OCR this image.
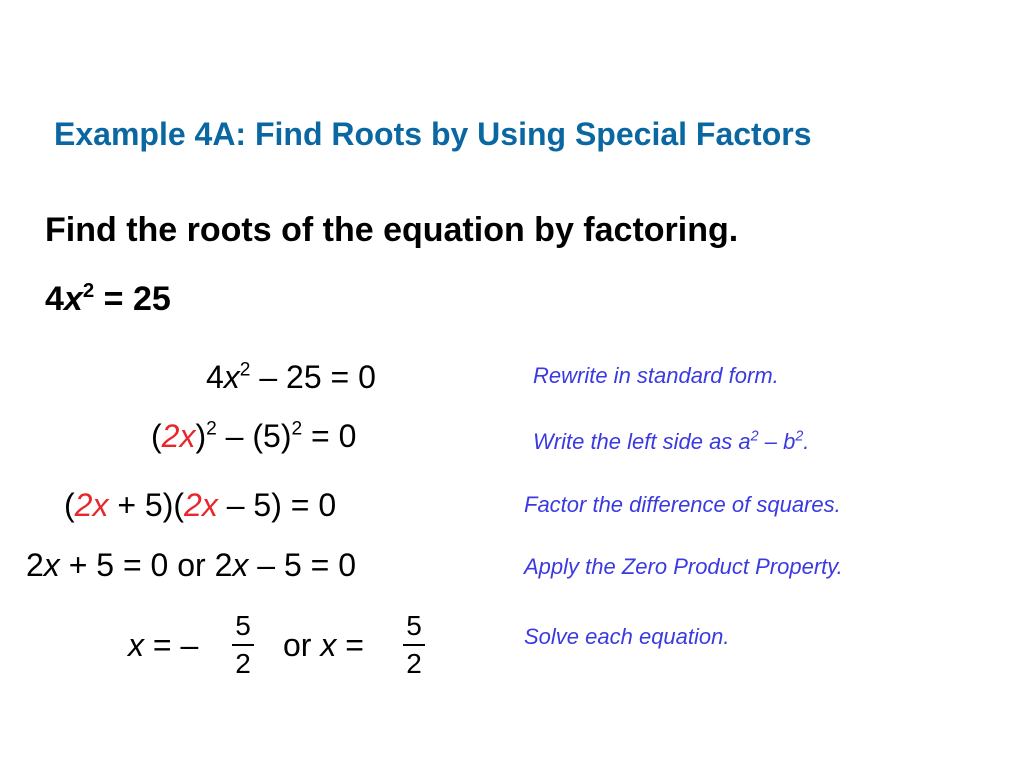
Example 4A: Find Roots by Using Special Factors
Find the roots of the equation by factoring.
$4x^2 = 25$
$4x^2 - 25 = 0$
$(2x)^2 - (5)^2 = 0$
(2x + 5)(2x – 5) = 0
2x + 5 = 0 or 2x – 5 = 0
x = –
5
2
or x =
5
2
Rewrite in standard form.
Write the left side as $a^2 - b^2$.
Factor the difference of squares.
Apply the Zero Product Property.
Solve each equation.
